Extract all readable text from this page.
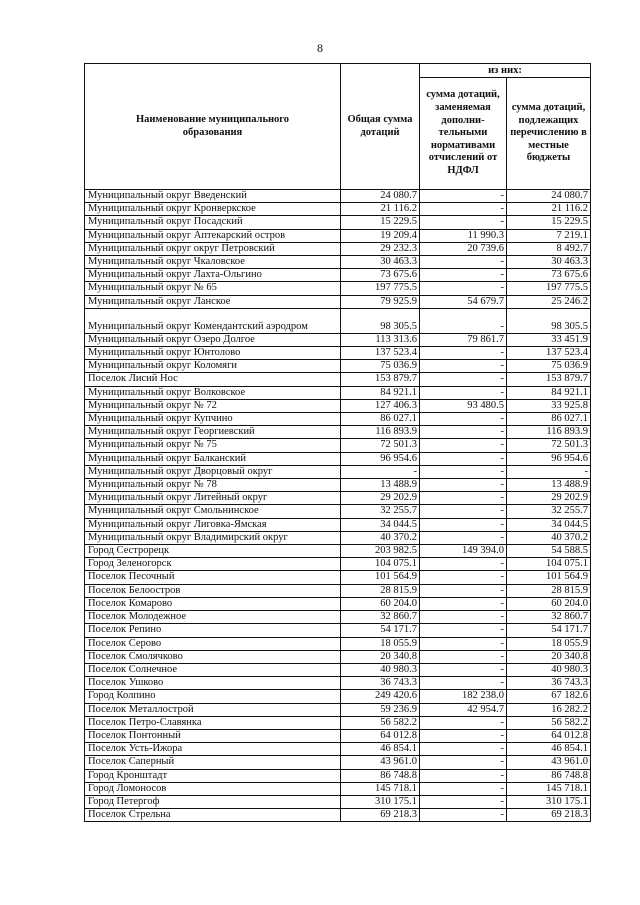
8
Наименование муниципального образования	Общая сумма дотаций	из них:	
		сумма дотаций, заменяемая дополни-тельными нормативами отчислений от НДФЛ	сумма дотаций, подлежащих перечислению в местные бюджеты
Муниципальный округ Введенский	24 080.7	-	24 080.7
Муниципальный округ Кронверкское	21 116.2	-	21 116.2
Муниципальный округ Посадский	15 229.5	-	15 229.5
Муниципальный округ Аптекарский остров	19 209.4	11 990.3	7 219.1
Муниципальный округ округ Петровский	29 232.3	20 739.6	8 492.7
Муниципальный округ Чкаловское	30 463.3	-	30 463.3
Муниципальный округ Лахта-Ольгино	73 675.6	-	73 675.6
Муниципальный округ № 65	197 775.5	-	197 775.5
Муниципальный округ Ланское	79 925.9	54 679.7	25 246.2
Муниципальный округ Комендантский аэродром	98 305.5	-	98 305.5
Муниципальный округ Озеро Долгое	113 313.6	79 861.7	33 451.9
Муниципальный округ Юнтолово	137 523.4	-	137 523.4
Муниципальный округ Коломяги	75 036.9	-	75 036.9
Поселок Лисий Нос	153 879.7	-	153 879.7
Муниципальный округ Волковское	84 921.1	-	84 921.1
Муниципальный округ № 72	127 406.3	93 480.5	33 925.8
Муниципальный округ Купчино	86 027.1	-	86 027.1
Муниципальный округ Георгиевский	116 893.9	-	116 893.9
Муниципальный округ № 75	72 501.3	-	72 501.3
Муниципальный округ Балканский	96 954.6	-	96 954.6
Муниципальный округ Дворцовый округ	-	-	-
Муниципальный округ № 78	13 488.9	-	13 488.9
Муниципальный округ Литейный округ	29 202.9	-	29 202.9
Муниципальный округ Смольнинское	32 255.7	-	32 255.7
Муниципальный округ Лиговка-Ямская	34 044.5	-	34 044.5
Муниципальный округ Владимирский округ	40 370.2	-	40 370.2
Город Сестрорецк	203 982.5	149 394.0	54 588.5
Город Зеленогорск	104 075.1	-	104 075.1
Поселок Песочный	101 564.9	-	101 564.9
Поселок Белоостров	28 815.9	-	28 815.9
Поселок Комарово	60 204.0	-	60 204.0
Поселок Молодежное	32 860.7	-	32 860.7
Поселок Репино	54 171.7	-	54 171.7
Поселок Серово	18 055.9	-	18 055.9
Поселок Смолячково	20 340.8	-	20 340.8
Поселок Солнечное	40 980.3	-	40 980.3
Поселок Ушково	36 743.3	-	36 743.3
Город Колпино	249 420.6	182 238.0	67 182.6
Поселок Металлострой	59 236.9	42 954.7	16 282.2
Поселок Петро-Славянка	56 582.2	-	56 582.2
Поселок Понтонный	64 012.8	-	64 012.8
Поселок Усть-Ижора	46 854.1	-	46 854.1
Поселок Саперный	43 961.0	-	43 961.0
Город Кронштадт	86 748.8	-	86 748.8
Город Ломоносов	145 718.1	-	145 718.1
Город Петергоф	310 175.1	-	310 175.1
Поселок Стрельна	69 218.3	-	69 218.3
